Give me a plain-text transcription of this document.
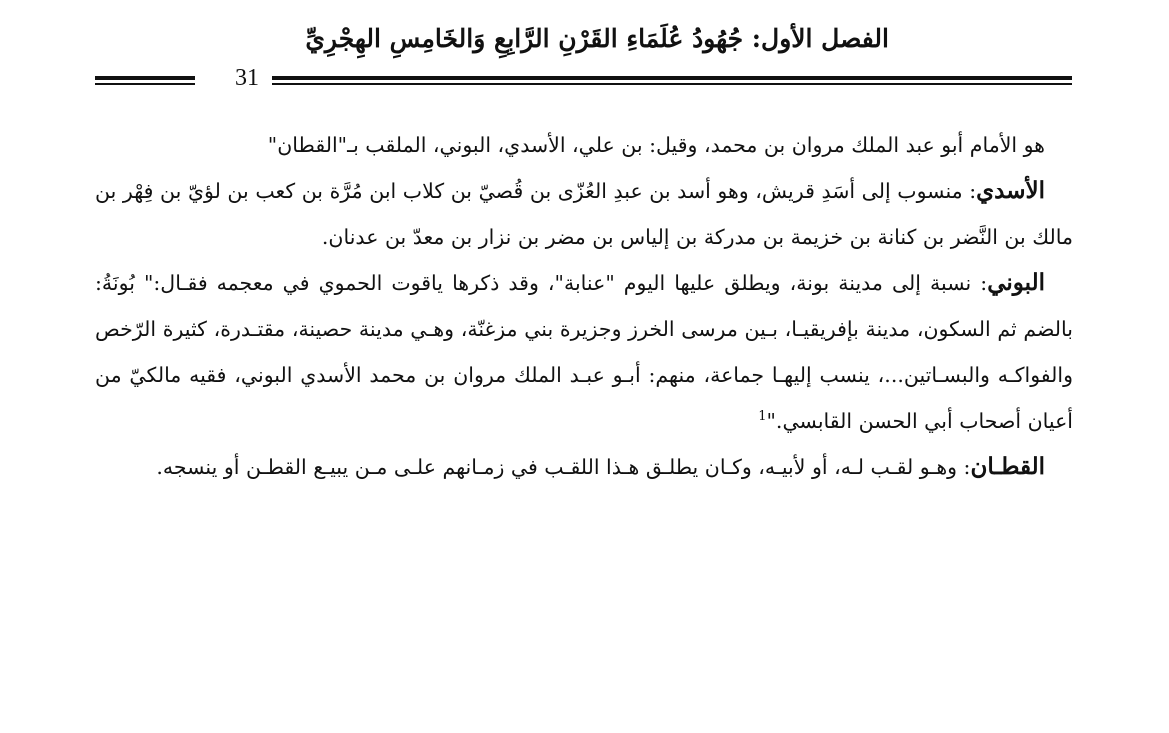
الفصل الأول: جُهُودُ عُلَمَاءِ القَرْنِ الرَّابِعِ وَالخَامِسِ الهِجْرِيِّ
31

هو الأمام أبو عبد الملك مروان بن محمد، وقيل: بن علي، الأسدي، البوني، الملقب بـ"القطان"

الأسدي: منسوب إلى أسَدِ قريش، وهو أسد بن عبدِ العُزّى بن قُصيّ بن كلاب ابن مُرَّة بن كعب بن لؤيّ بن فِهْر بن مالك بن النَّضر بن كنانة بن خزيمة بن مدركة بن إلياس بن مضر بن نزار بن معدّ بن عدنان.

البوني: نسبة إلى مدينة بونة، ويطلق عليها اليوم "عنابة"، وقد ذكرها ياقوت الحموي في معجمه فقـال:" بُونَةُ: بالضم ثم السكون، مدينة بإفريقيـا، بـين مرسى الخرز وجزيرة بني مزغنّة، وهـي مدينة حصينة، مقتـدرة، كثيرة الرّخص والفواكـه والبسـاتين...، ينسب إليهـا جماعة، منهم: أبـو عبـد الملك مروان بن محمد الأسدي البوني، فقيه مالكيّ من أعيان أصحاب أبي الحسن القابسي."$^1$

القطـان: وهـو لقـب لـه، أو لأبيـه، وكـان يطلـق هـذا اللقـب في زمـانهم علـى مـن يبيـع القطـن أو ينسجه.
